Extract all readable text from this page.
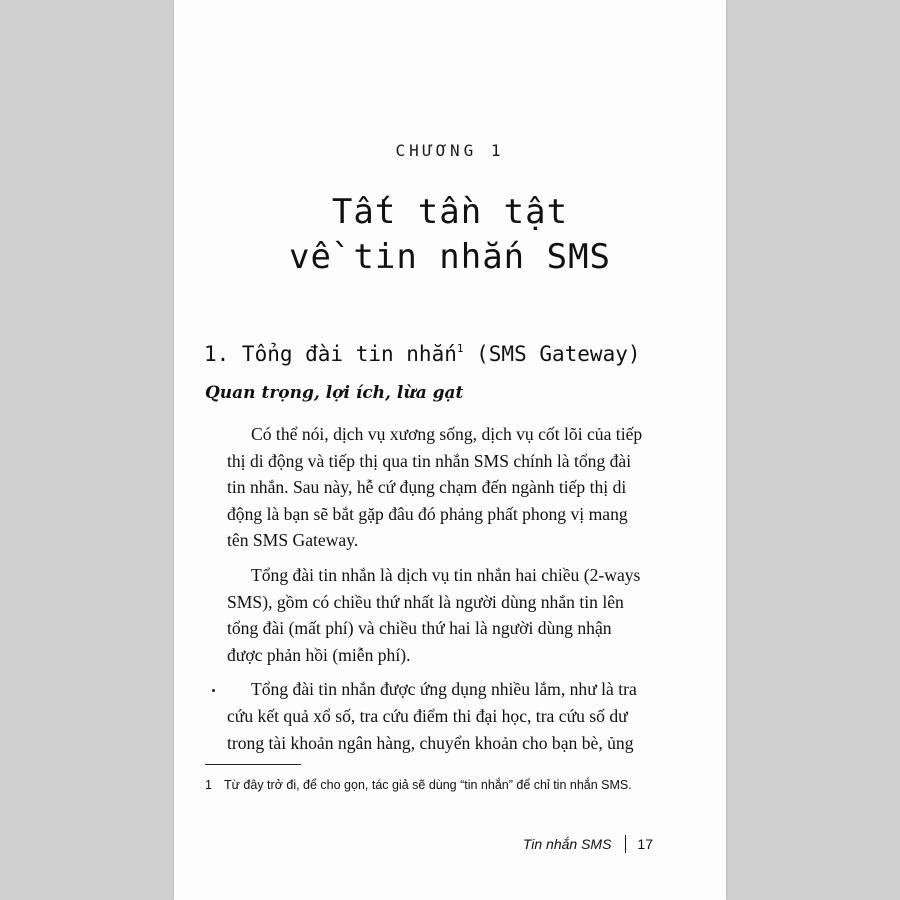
CHƯƠNG 1
Tất tần tật
về tin nhắn SMS
1. Tổng đài tin nhắn$^1$ (SMS Gateway)
Quan trọng, lợi ích, lừa gạt
Có thể nói, dịch vụ xương sống, dịch vụ cốt lõi của tiếp
thị di động và tiếp thị qua tin nhắn SMS chính là tổng đài
tin nhắn. Sau này, hễ cứ đụng chạm đến ngành tiếp thị di
động là bạn sẽ bắt gặp đâu đó phảng phất phong vị mang
tên SMS Gateway.
Tổng đài tin nhắn là dịch vụ tin nhắn hai chiều (2-ways
SMS), gồm có chiều thứ nhất là người dùng nhắn tin lên
tổng đài (mất phí) và chiều thứ hai là người dùng nhận
được phản hồi (miễn phí).
Tổng đài tin nhắn được ứng dụng nhiều lắm, như là tra
cứu kết quả xổ số, tra cứu điểm thi đại học, tra cứu số dư
trong tài khoản ngân hàng, chuyển khoản cho bạn bè, ủng
1 Từ đây trở đi, để cho gọn, tác giả sẽ dùng “tin nhắn” để chỉ tin nhắn SMS.
Tin nhắn SMS 17
